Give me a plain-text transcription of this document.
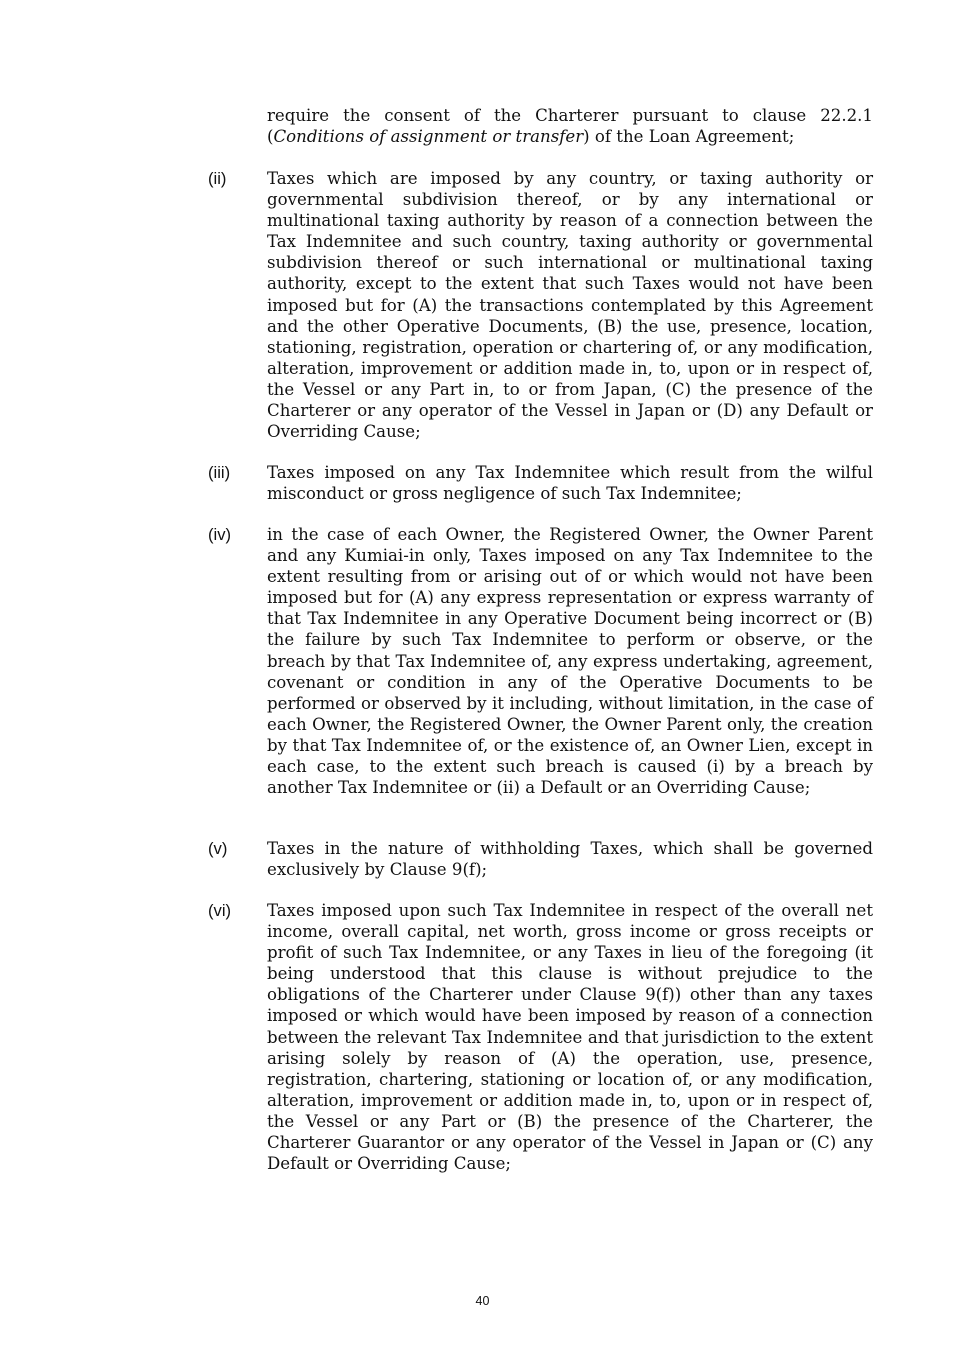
require the consent of the Charterer pursuant to clause 22.2.1 (Conditions of assignment or transfer) of the Loan Agreement;

(ii) Taxes which are imposed by any country, or taxing authority or governmental subdivision thereof, or by any international or multinational taxing authority by reason of a connection between the Tax Indemnitee and such country, taxing authority or governmental subdivision thereof or such international or multinational taxing authority, except to the extent that such Taxes would not have been imposed but for (A) the transactions contemplated by this Agreement and the other Operative Documents, (B) the use, presence, location, stationing, registration, operation or chartering of, or any modification, alteration, improvement or addition made in, to, upon or in respect of, the Vessel or any Part in, to or from Japan, (C) the presence of the Charterer or any operator of the Vessel in Japan or (D) any Default or Overriding Cause;

(iii) Taxes imposed on any Tax Indemnitee which result from the wilful misconduct or gross negligence of such Tax Indemnitee;

(iv) in the case of each Owner, the Registered Owner, the Owner Parent and any Kumiai-in only, Taxes imposed on any Tax Indemnitee to the extent resulting from or arising out of or which would not have been imposed but for (A) any express representation or express warranty of that Tax Indemnitee in any Operative Document being incorrect or (B) the failure by such Tax Indemnitee to perform or observe, or the breach by that Tax Indemnitee of, any express undertaking, agreement, covenant or condition in any of the Operative Documents to be performed or observed by it including, without limitation, in the case of each Owner, the Registered Owner, the Owner Parent only, the creation by that Tax Indemnitee of, or the existence of, an Owner Lien, except in each case, to the extent such breach is caused (i) by a breach by another Tax Indemnitee or (ii) a Default or an Overriding Cause;

(v) Taxes in the nature of withholding Taxes, which shall be governed exclusively by Clause 9(f);

(vi) Taxes imposed upon such Tax Indemnitee in respect of the overall net income, overall capital, net worth, gross income or gross receipts or profit of such Tax Indemnitee, or any Taxes in lieu of the foregoing (it being understood that this clause is without prejudice to the obligations of the Charterer under Clause 9(f)) other than any taxes imposed or which would have been imposed by reason of a connection between the relevant Tax Indemnitee and that jurisdiction to the extent arising solely by reason of (A) the operation, use, presence, registration, chartering, stationing or location of, or any modification, alteration, improvement or addition made in, to, upon or in respect of, the Vessel or any Part or (B) the presence of the Charterer, the Charterer Guarantor or any operator of the Vessel in Japan or (C) any Default or Overriding Cause;

40
